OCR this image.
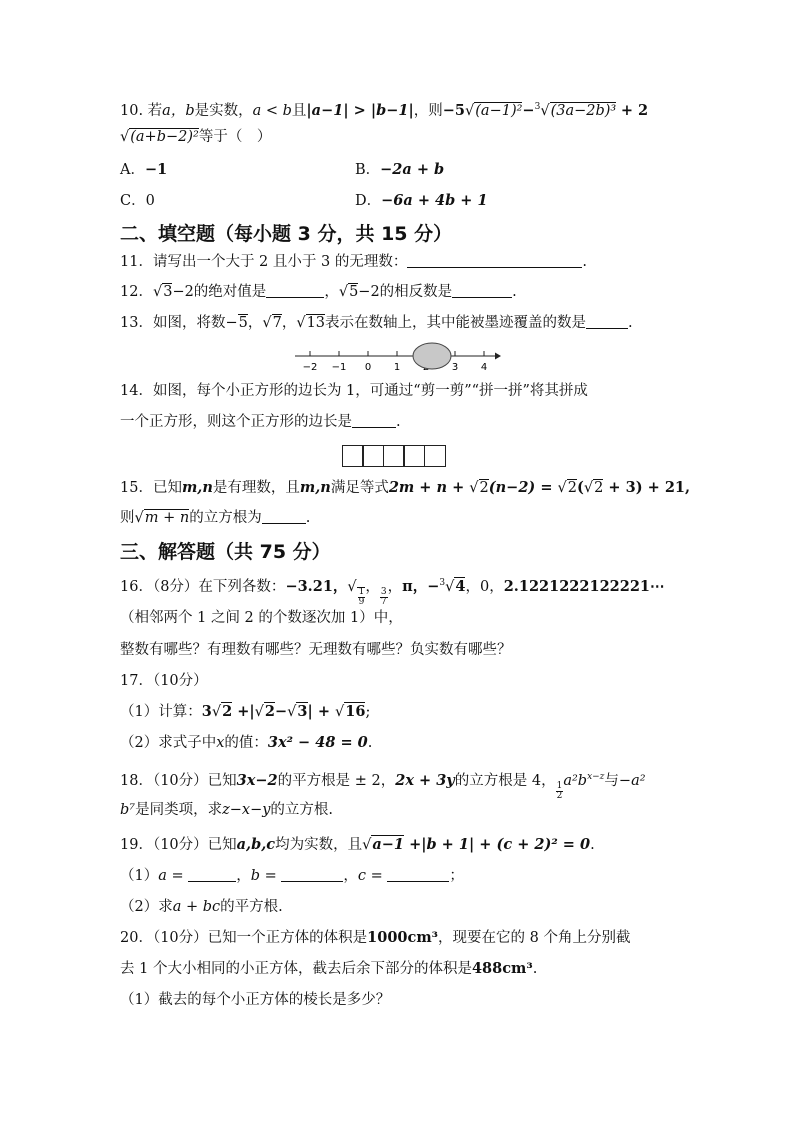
10. 若a，b是实数，a < b且|a−1| > |b−1|，则−5√(a−1)²−$^3$√(3a−2b)³ + 2
√(a+b−2)²等于（　）
A．−1	B．−2a + b
C．0	D．−6a + 4b + 1
二、填空题（每小题 3 分，共 15 分）
11．请写出一个大于 2 且小于 3 的无理数：	.
12．√3−2的绝对值是	，√5−2的相反数是	.
13．如图，将数−5，√7，√13表示在数轴上，其中能被墨迹覆盖的数是	.
−2 −1 0 1	3 4
14．如图，每个小正方形的边长为 1，可通过“剪一剪”“拼一拼”将其拼成
一个正方形，则这个正方形的边长是	.
15．已知m,n是有理数，且m,n满足等式2m + n + √2(n−2) = √2(√2 + 3) + 21,
则√m + n的立方根为	.
三、解答题（共 75 分）
16．（8分）在下列各数：−3.21，√ $\frac{1}{9}$ ，
$\frac{3}{7}$
，π，−$^3$√4，0，2.1221222122221⋯
（相邻两个 1 之间 2 的个数逐次加 1）中，
整数有哪些？有理数有哪些？无理数有哪些？负实数有哪些？
17．（10分）
（1）计算：3√2 +|√2−√3| + √16;
（2）求式子中x的值：3x² − 48 = 0.
18．（10分）已知3x−2的平方根是 ± 2，2x + 3y的立方根是 4，
$\frac{1}{2}$
$a^2b^{x-z}$与−a²
b⁷是同类项，求z−x−y的立方根.
19．（10分）已知a,b,c均为实数，且√a−1 +|b + 1| + (c + 2)² = 0.
（1）a =	，b =	，c =	；
（2）求a + bc的平方根.
20．（10分）已知一个正方体的体积是1000cm³，现要在它的 8 个角上分别截
去 1 个大小相同的小正方体，截去后余下部分的体积是488cm³.
（1）截去的每个小正方体的棱长是多少？
